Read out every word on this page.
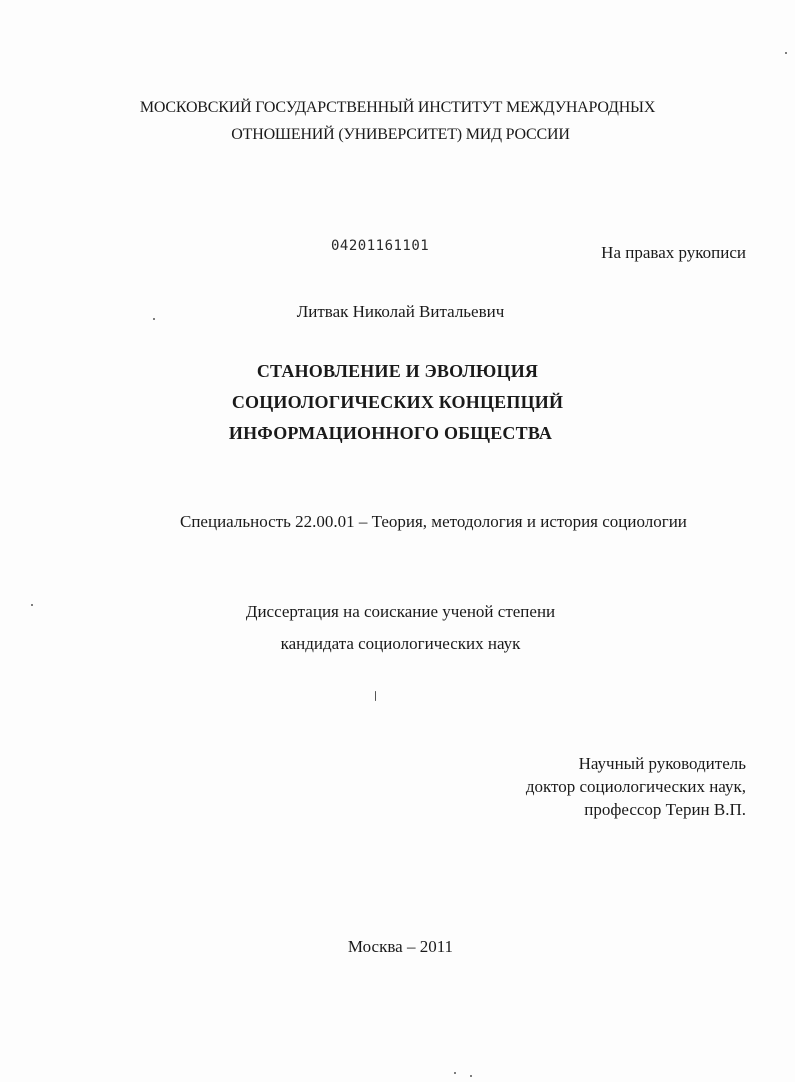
МОСКОВСКИЙ ГОСУДАРСТВЕННЫЙ ИНСТИТУТ МЕЖДУНАРОДНЫХ
ОТНОШЕНИЙ (УНИВЕРСИТЕТ) МИД РОССИИ
04201161101	На правах рукописи
Литвак Николай Витальевич
СТАНОВЛЕНИЕ И ЭВОЛЮЦИЯ
СОЦИОЛОГИЧЕСКИХ КОНЦЕПЦИЙ
ИНФОРМАЦИОННОГО ОБЩЕСТВА
Специальность 22.00.01 – Теория, методология и история социологии
Диссертация на соискание ученой степени
кандидата социологических наук
Научный руководитель
доктор социологических наук,
профессор Терин В.П.
Москва – 2011
